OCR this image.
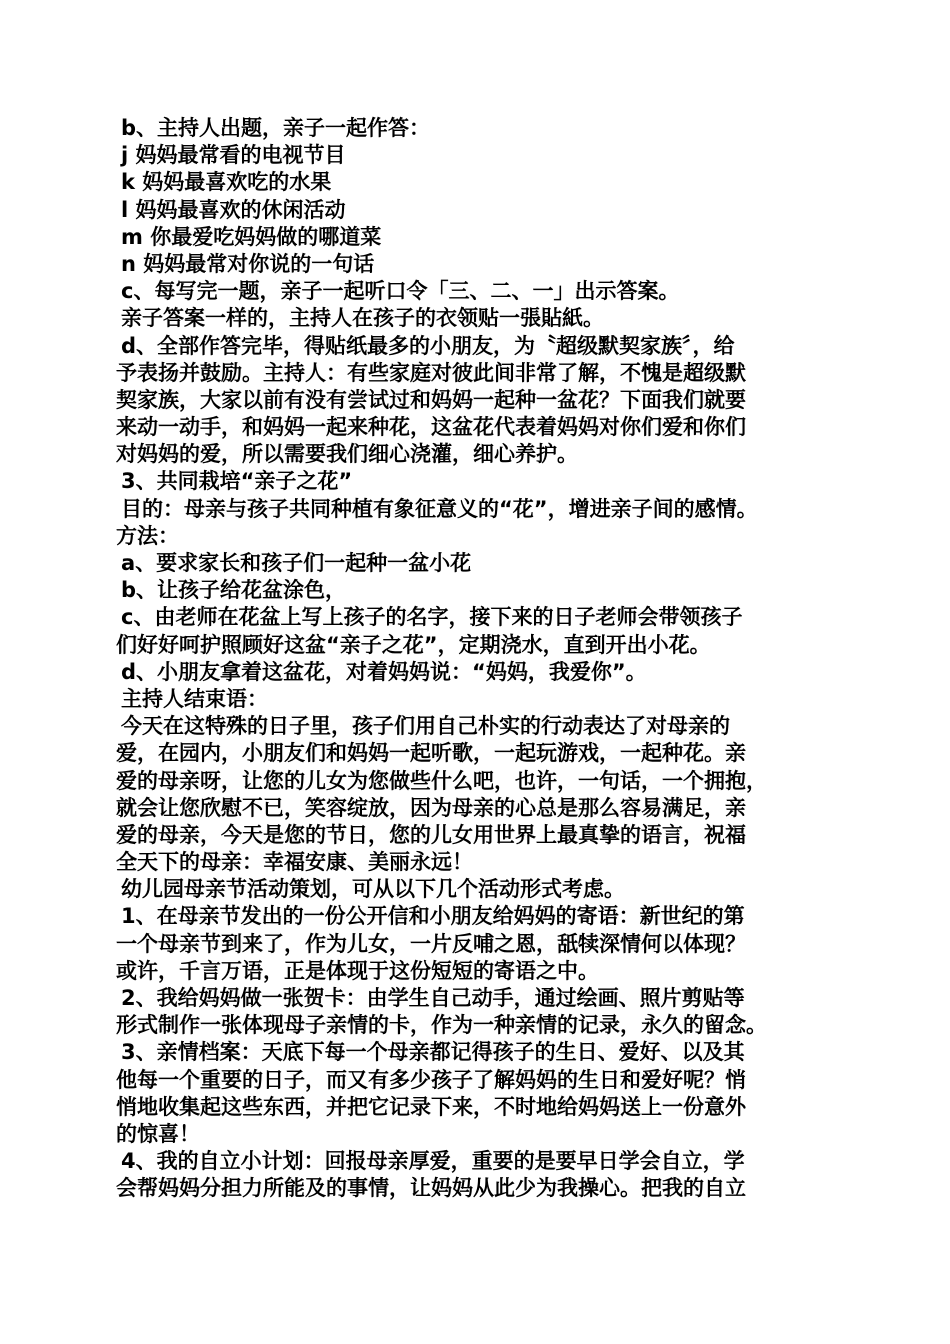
b、主持人出题，亲子一起作答：
j 妈妈最常看的电视节目
k 妈妈最喜欢吃的水果
l 妈妈最喜欢的休闲活动
m 你最爱吃妈妈做的哪道菜
n 妈妈最常对你说的一句话
c、每写完一题，亲子一起听口令「三、二、一」出示答案。
亲子答案一样的，主持人在孩子的衣领贴一張貼紙。
d、全部作答完毕，得贴纸最多的小朋友，为〝超级默契家族〞，给
予表扬并鼓励。主持人：有些家庭对彼此间非常了解，不愧是超级默
契家族，大家以前有没有尝试过和妈妈一起种一盆花？下面我们就要
来动一动手，和妈妈一起来种花，这盆花代表着妈妈对你们爱和你们
对妈妈的爱，所以需要我们细心浇灌，细心养护。
3、共同栽培“亲子之花”
目的：母亲与孩子共同种植有象征意义的“花”，增进亲子间的感情。
方法：
a、要求家长和孩子们一起种一盆小花
b、让孩子给花盆涂色，
c、由老师在花盆上写上孩子的名字，接下来的日子老师会带领孩子
们好好呵护照顾好这盆“亲子之花”，定期浇水，直到开出小花。
d、小朋友拿着这盆花，对着妈妈说：“妈妈，我爱你”。
主持人结束语：
今天在这特殊的日子里，孩子们用自己朴实的行动表达了对母亲的
爱，在园内，小朋友们和妈妈一起听歌，一起玩游戏，一起种花。亲
爱的母亲呀，让您的儿女为您做些什么吧，也许，一句话，一个拥抱，
就会让您欣慰不已，笑容绽放，因为母亲的心总是那么容易满足，亲
爱的母亲，今天是您的节日，您的儿女用世界上最真挚的语言，祝福
全天下的母亲：幸福安康、美丽永远！
幼儿园母亲节活动策划，可从以下几个活动形式考虑。
1、在母亲节发出的一份公开信和小朋友给妈妈的寄语：新世纪的第
一个母亲节到来了，作为儿女，一片反哺之恩，舐犊深情何以体现？
或许，千言万语，正是体现于这份短短的寄语之中。
2、我给妈妈做一张贺卡：由学生自己动手，通过绘画、照片剪贴等
形式制作一张体现母子亲情的卡，作为一种亲情的记录，永久的留念。
3、亲情档案：天底下每一个母亲都记得孩子的生日、爱好、以及其
他每一个重要的日子，而又有多少孩子了解妈妈的生日和爱好呢？悄
悄地收集起这些东西，并把它记录下来，不时地给妈妈送上一份意外
的惊喜！
4、我的自立小计划：回报母亲厚爱，重要的是要早日学会自立，学
会帮妈妈分担力所能及的事情，让妈妈从此少为我操心。把我的自立
